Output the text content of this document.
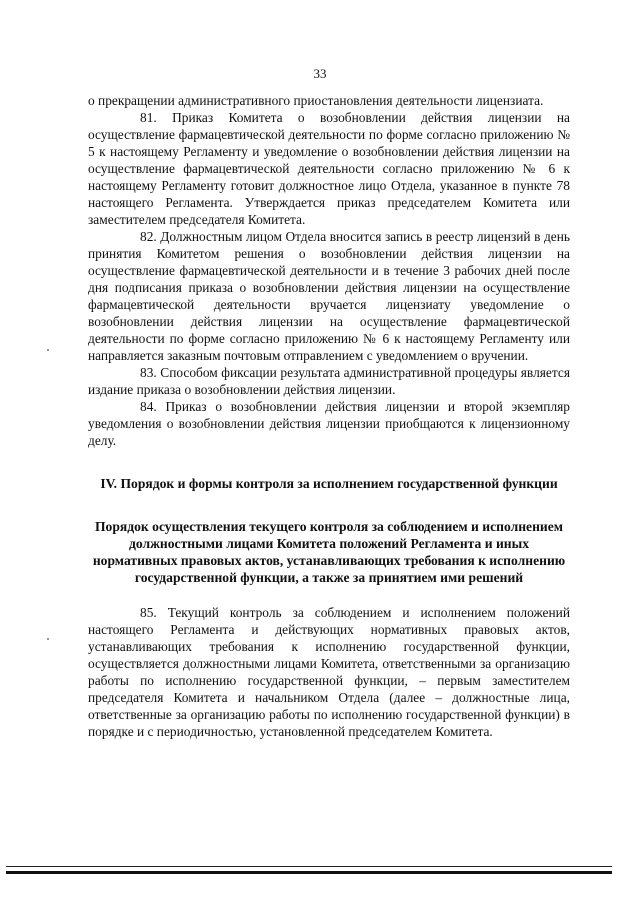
33

о прекращении административного приостановления деятельности лицензиата.

81. Приказ Комитета о возобновлении действия лицензии на осуществление фармацевтической деятельности по форме согласно приложению № 5 к настоящему Регламенту и уведомление о возобновлении действия лицензии на осуществление фармацевтической деятельности согласно приложению № 6 к настоящему Регламенту готовит должностное лицо Отдела, указанное в пункте 78 настоящего Регламента. Утверждается приказ председателем Комитета или заместителем председателя Комитета.

82. Должностным лицом Отдела вносится запись в реестр лицензий в день принятия Комитетом решения о возобновлении действия лицензии на осуществление фармацевтической деятельности и в течение 3 рабочих дней после дня подписания приказа о возобновлении действия лицензии на осуществление фармацевтической деятельности вручается лицензиату уведомление о возобновлении действия лицензии на осуществление фармацевтической деятельности по форме согласно приложению № 6 к настоящему Регламенту или направляется заказным почтовым отправлением с уведомлением о вручении.

83. Способом фиксации результата административной процедуры является издание приказа о возобновлении действия лицензии.

84. Приказ о возобновлении действия лицензии и второй экземпляр уведомления о возобновлении действия лицензии приобщаются к лицензионному делу.

IV. Порядок и формы контроля за исполнением государственной функции
Порядок осуществления текущего контроля за соблюдением и исполнением должностными лицами Комитета положений Регламента и иных нормативных правовых актов, устанавливающих требования к исполнению государственной функции, а также за принятием ими решений

85. Текущий контроль за соблюдением и исполнением положений настоящего Регламента и действующих нормативных правовых актов, устанавливающих требования к исполнению государственной функции, осуществляется должностными лицами Комитета, ответственными за организацию работы по исполнению государственной функции, – первым заместителем председателя Комитета и начальником Отдела (далее – должностные лица, ответственные за организацию работы по исполнению государственной функции) в порядке и с периодичностью, установленной председателем Комитета.
